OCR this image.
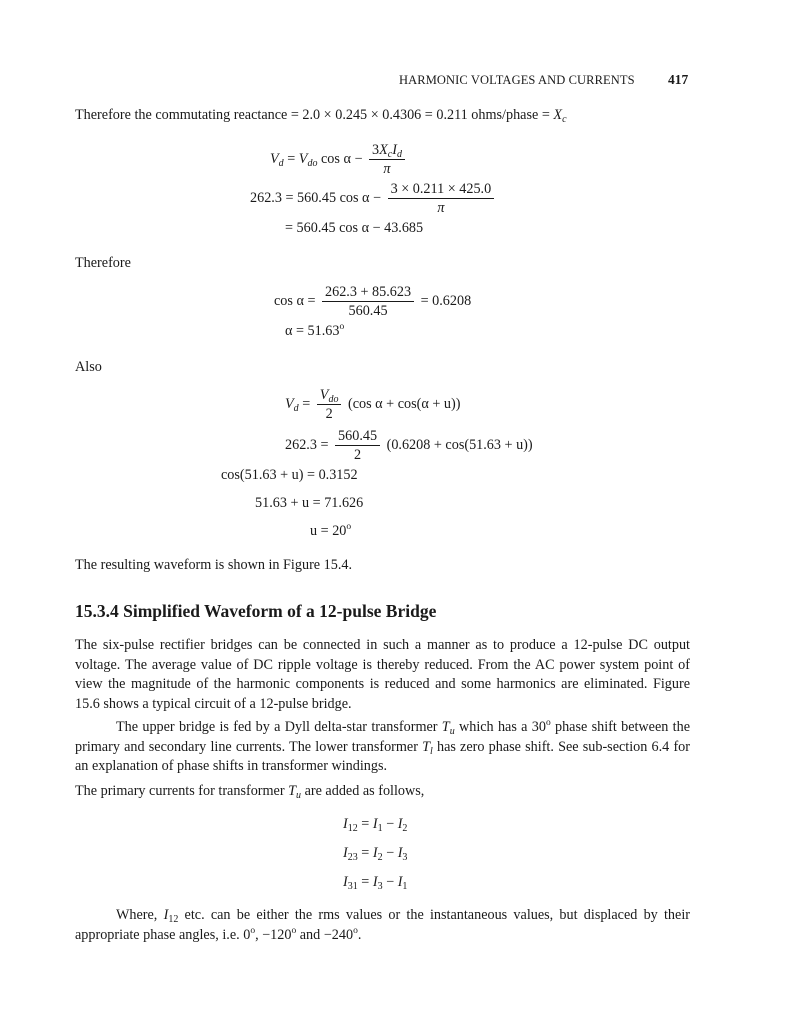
HARMONIC VOLTAGES AND CURRENTS 417
Therefore the commutating reactance = 2.0 × 0.245 × 0.4306 = 0.211 ohms/phase = $X_c$
$V_d = V_{do}$ $\cos \alpha - \frac{3X_cI_d}{\pi}$
262.3 = 560.45 $\cos \alpha - \frac{3 \times 0.211 \times 425.0}{\pi}$
= 560.45 cos α − 43.685
Therefore
$\cos \alpha = \frac{262.3 + 85.623}{560.45} = 0.6208$
$\alpha = 51.63^o$
Also
$V_d = \frac{V_{do}}{2} (\cos$ α + cos(α + u))
$262.3 = \frac{560.45}{2} (0.6208 + \cos(51.63 + u))$
cos(51.63 + u) = 0.3152
51.63 + u = 71.626
$u = 20^o$
The resulting waveform is shown in Figure 15.4.
15.3.4 Simplified Waveform of a 12-pulse Bridge
The six-pulse rectifier bridges can be connected in such a manner as to produce a 12-pulse DC output voltage. The average value of DC ripple voltage is thereby reduced. From the AC power system point of view the magnitude of the harmonic components is reduced and some harmonics are eliminated. Figure 15.6 shows a typical circuit of a 12-pulse bridge.
The upper bridge is fed by a Dyll delta-star transformer $T_u$ which has a 30$^o$ phase shift between the primary and secondary line currents. The lower transformer $T_l$ has zero phase shift. See sub-section 6.4 for an explanation of phase shifts in transformer windings.
The primary currents for transformer $T_u$ are added as follows,
$I_{12} = I_1 - I_2$
$I_{23} = I_2 - I_3$
$I_{31} = I_3 - I_1$
Where, $I_{12}$ etc. can be either the rms values or the instantaneous values, but displaced by their appropriate phase angles, i.e. $0^o$, $-120^o$ and $-240^o$.
